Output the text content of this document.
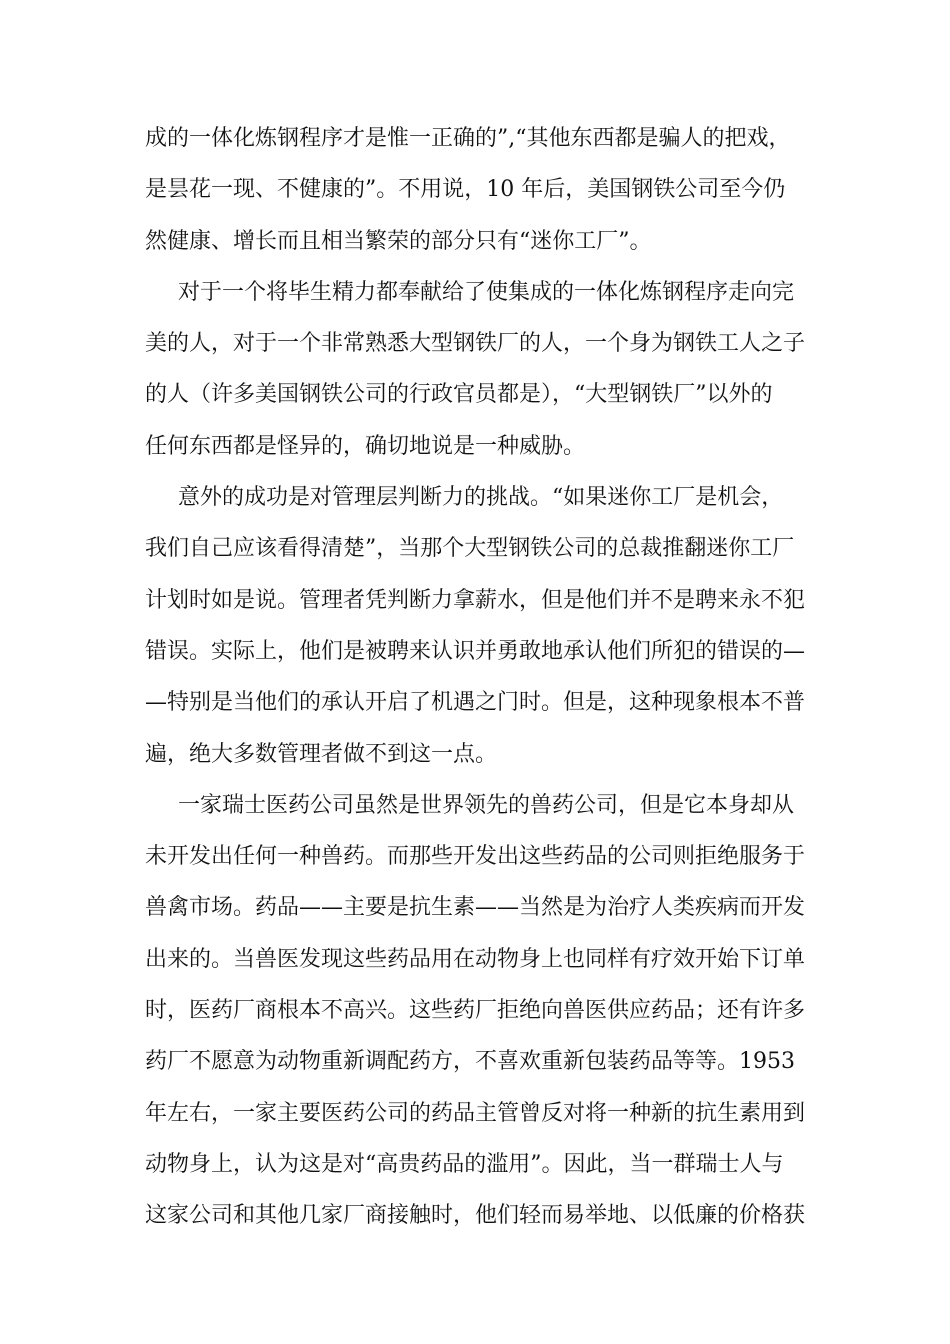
成的一体化炼钢程序才是惟一正确的”,“其他东西都是骗人的把戏，
是昙花一现、不健康的”。不用说，10 年后，美国钢铁公司至今仍
然健康、增长而且相当繁荣的部分只有“迷你工厂”。
对于一个将毕生精力都奉献给了使集成的一体化炼钢程序走向完
美的人，对于一个非常熟悉大型钢铁厂的人，一个身为钢铁工人之子
的人（许多美国钢铁公司的行政官员都是），“大型钢铁厂”以外的
任何东西都是怪异的，确切地说是一种威胁。
意外的成功是对管理层判断力的挑战。“如果迷你工厂是机会，
我们自己应该看得清楚”，当那个大型钢铁公司的总裁推翻迷你工厂
计划时如是说。管理者凭判断力拿薪水，但是他们并不是聘来永不犯
错误。实际上，他们是被聘来认识并勇敢地承认他们所犯的错误的—
—特别是当他们的承认开启了机遇之门时。但是，这种现象根本不普
遍，绝大多数管理者做不到这一点。
一家瑞士医药公司虽然是世界领先的兽药公司，但是它本身却从
未开发出任何一种兽药。而那些开发出这些药品的公司则拒绝服务于
兽禽市场。药品——主要是抗生素——当然是为治疗人类疾病而开发
出来的。当兽医发现这些药品用在动物身上也同样有疗效开始下订单
时，医药厂商根本不高兴。这些药厂拒绝向兽医供应药品；还有许多
药厂不愿意为动物重新调配药方，不喜欢重新包装药品等等。1953
年左右，一家主要医药公司的药品主管曾反对将一种新的抗生素用到
动物身上，认为这是对“高贵药品的滥用”。因此，当一群瑞士人与
这家公司和其他几家厂商接触时，他们轻而易举地、以低廉的价格获
